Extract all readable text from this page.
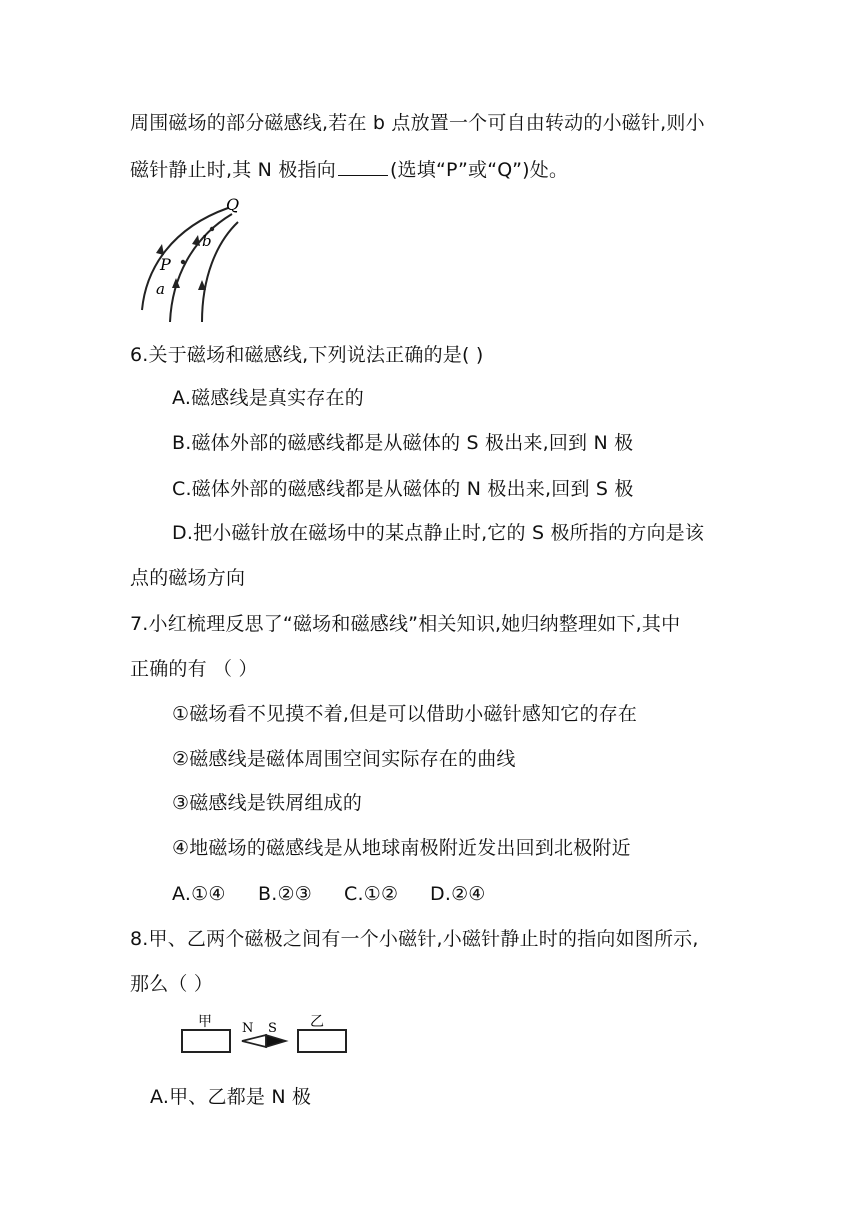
周围磁场的部分磁感线,若在 b 点放置一个可自由转动的小磁针,则小
磁针静止时,其 N 极指向	(选填“P”或“Q”)处。
Q
b
P
a
6.关于磁场和磁感线,下列说法正确的是( )
A.磁感线是真实存在的
B.磁体外部的磁感线都是从磁体的 S 极出来,回到 N 极
C.磁体外部的磁感线都是从磁体的 N 极出来,回到 S 极
D.把小磁针放在磁场中的某点静止时,它的 S 极所指的方向是该
点的磁场方向
7.小红梳理反思了“磁场和磁感线”相关知识,她归纳整理如下,其中
正确的有 （ ）
①磁场看不见摸不着,但是可以借助小磁针感知它的存在
②磁感线是磁体周围空间实际存在的曲线
③磁感线是铁屑组成的
④地磁场的磁感线是从地球南极附近发出回到北极附近
A.①④ B.②③ C.①② D.②④
8.甲、乙两个磁极之间有一个小磁针,小磁针静止时的指向如图所示,
那么（ ）
甲	乙
N S
A.甲、乙都是 N 极
